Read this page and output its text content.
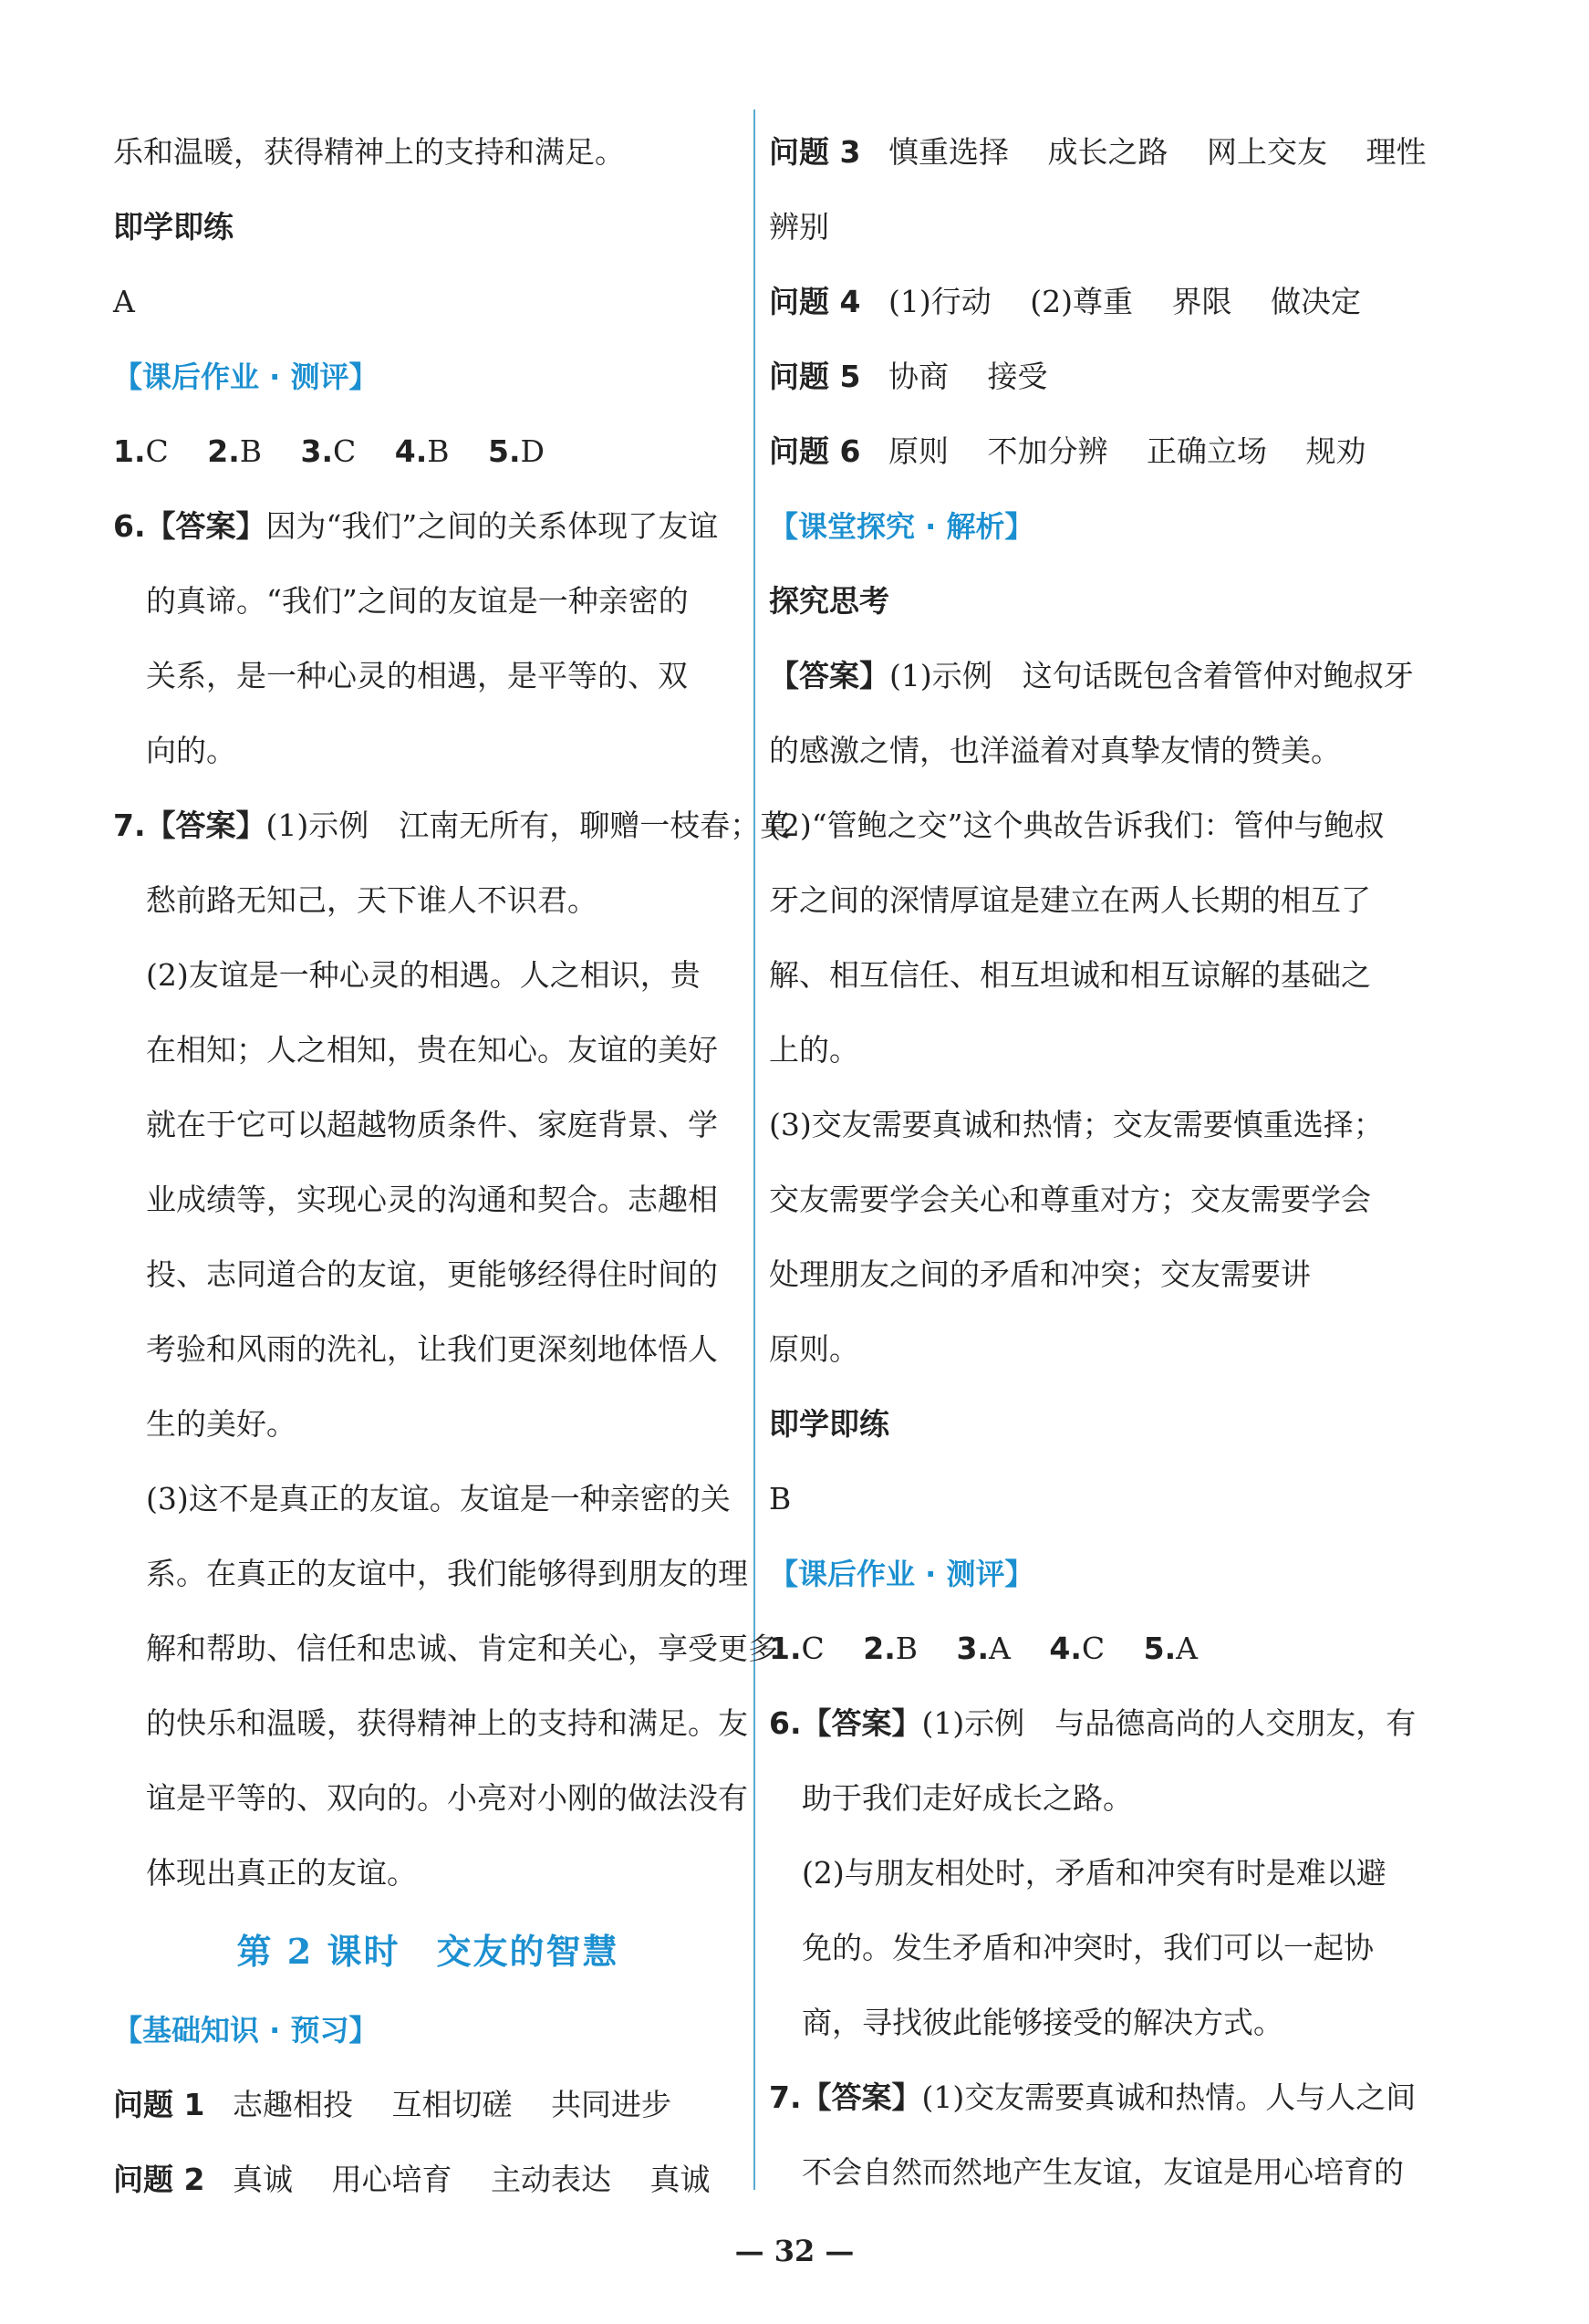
乐和温暖，获得精神上的支持和满足。
即学即练
A
【课后作业 · 测评】
1.C 2.B 3.C 4.B 5.D
6.【答案】因为“我们”之间的关系体现了友谊
的真谛。“我们”之间的友谊是一种亲密的
关系，是一种心灵的相遇，是平等的、双
向的。
7.【答案】(1)示例　江南无所有，聊赠一枝春；莫
愁前路无知己，天下谁人不识君。
(2)友谊是一种心灵的相遇。人之相识，贵
在相知；人之相知，贵在知心。友谊的美好
就在于它可以超越物质条件、家庭背景、学
业成绩等，实现心灵的沟通和契合。志趣相
投、志同道合的友谊，更能够经得住时间的
考验和风雨的洗礼，让我们更深刻地体悟人
生的美好。
(3)这不是真正的友谊。友谊是一种亲密的关
系。在真正的友谊中，我们能够得到朋友的理
解和帮助、信任和忠诚、肯定和关心，享受更多
的快乐和温暖，获得精神上的支持和满足。友
谊是平等的、双向的。小亮对小刚的做法没有
体现出真正的友谊。
第 2 课时　交友的智慧
【基础知识 · 预习】
问题 1 志趣相投 互相切磋 共同进步
问题 2 真诚 用心培育 主动表达 真诚
问题 3 慎重选择 成长之路 网上交友 理性
辨别
问题 4 (1)行动 (2)尊重 界限 做决定
问题 5 协商 接受
问题 6 原则 不加分辨 正确立场 规劝
【课堂探究 · 解析】
探究思考
【答案】(1)示例　这句话既包含着管仲对鲍叔牙
的感激之情，也洋溢着对真挚友情的赞美。
(2)“管鲍之交”这个典故告诉我们：管仲与鲍叔
牙之间的深情厚谊是建立在两人长期的相互了
解、相互信任、相互坦诚和相互谅解的基础之
上的。
(3)交友需要真诚和热情；交友需要慎重选择；
交友需要学会关心和尊重对方；交友需要学会
处理朋友之间的矛盾和冲突；交友需要讲
原则。
即学即练
B
【课后作业 · 测评】
1.C 2.B 3.A 4.C 5.A
6.【答案】(1)示例　与品德高尚的人交朋友，有
助于我们走好成长之路。
(2)与朋友相处时，矛盾和冲突有时是难以避
免的。发生矛盾和冲突时，我们可以一起协
商，寻找彼此能够接受的解决方式。
7.【答案】(1)交友需要真诚和热情。人与人之间
不会自然而然地产生友谊，友谊是用心培育的
— 32 —
